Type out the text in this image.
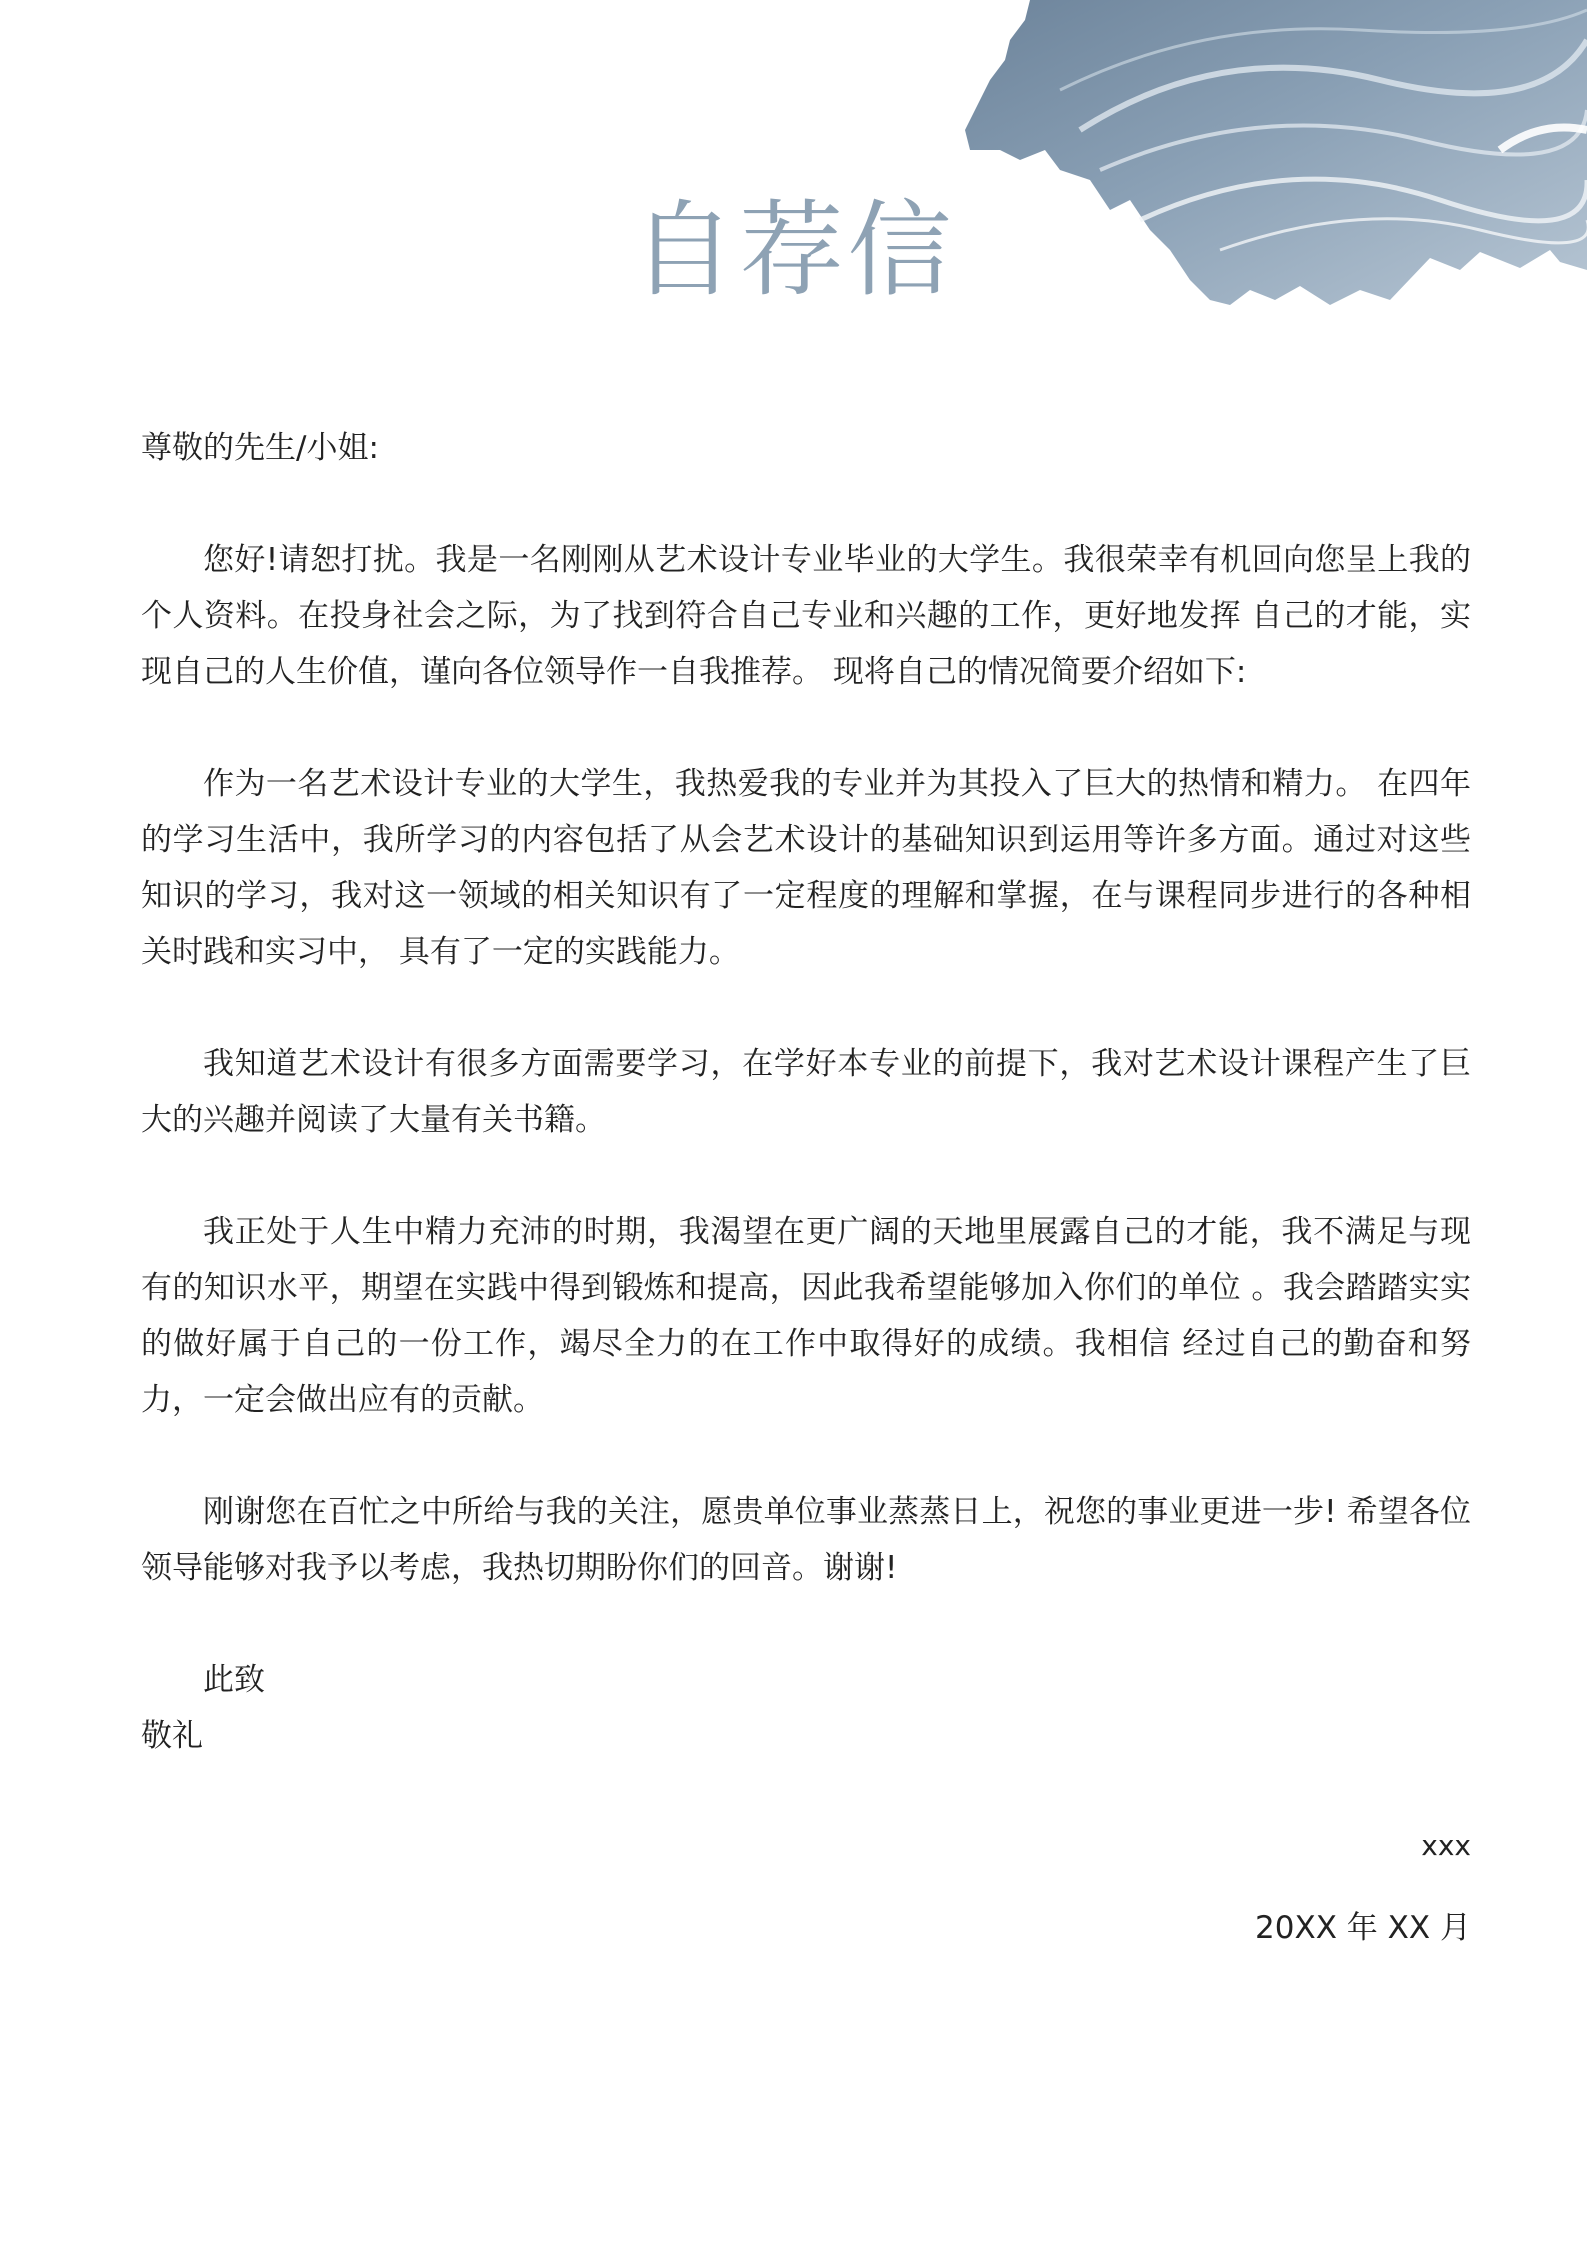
自荐信

尊敬的先生/小姐:

您好!请恕打扰。我是一名刚刚从艺术设计专业毕业的大学生。我很荣幸有机回向您呈上我的个人资料。在投身社会之际，为了找到符合自己专业和兴趣的工作，更好地发挥 自己的才能，实现自己的人生价值，谨向各位领导作一自我推荐。 现将自己的情况简要介绍如下:

作为一名艺术设计专业的大学生，我热爱我的专业并为其投入了巨大的热情和精力。 在四年的学习生活中，我所学习的内容包括了从会艺术设计的基础知识到运用等许多方面。通过对这些知识的学习，我对这一领域的相关知识有了一定程度的理解和掌握，在与课程同步进行的各种相关时践和实习中， 具有了一定的实践能力。

我知道艺术设计有很多方面需要学习，在学好本专业的前提下，我对艺术设计课程产生了巨大的兴趣并阅读了大量有关书籍。

我正处于人生中精力充沛的时期，我渴望在更广阔的天地里展露自己的才能，我不满足与现有的知识水平，期望在实践中得到锻炼和提高，因此我希望能够加入你们的单位 。我会踏踏实实的做好属于自己的一份工作，竭尽全力的在工作中取得好的成绩。我相信 经过自己的勤奋和努力，一定会做出应有的贡献。

刚谢您在百忙之中所给与我的关注，愿贵单位事业蒸蒸日上，祝您的事业更进一步! 希望各位领导能够对我予以考虑，我热切期盼你们的回音。谢谢!

此致

敬礼

xxx
20XX 年 XX 月
